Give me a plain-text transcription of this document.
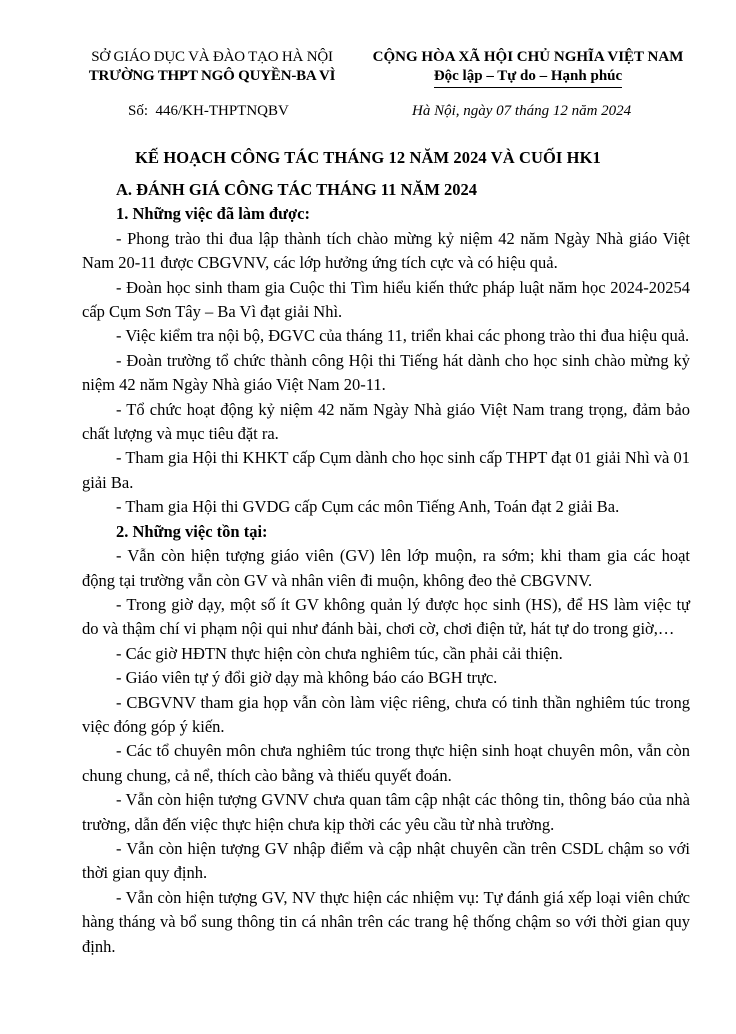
SỞ GIÁO DỤC VÀ ĐÀO TẠO HÀ NỘI
TRƯỜNG THPT NGÔ QUYỀN-BA VÌ
CỘNG HÒA XÃ HỘI CHỦ NGHĨA VIỆT NAM
Độc lập – Tự do – Hạnh phúc
Số:  446/KH-THPTNQBV	Hà Nội, ngày 07 tháng 12 năm 2024
KẾ HOẠCH CÔNG TÁC THÁNG 12 NĂM 2024 VÀ CUỐI HK1

A. ĐÁNH GIÁ CÔNG TÁC THÁNG 11 NĂM 2024

1. Những việc đã làm được:

- Phong trào thi đua lập thành tích chào mừng kỷ niệm 42 năm Ngày Nhà giáo Việt Nam 20-11 được CBGVNV, các lớp hưởng ứng tích cực và có hiệu quả.

- Đoàn học sinh tham gia Cuộc thi Tìm hiểu kiến thức pháp luật năm học 2024-20254 cấp Cụm Sơn Tây – Ba Vì đạt giải Nhì.

- Việc kiểm tra nội bộ, ĐGVC của tháng 11, triển khai các phong trào thi đua hiệu quả.

- Đoàn trường tổ chức thành công Hội thi Tiếng hát dành cho học sinh chào mừng kỷ niệm 42 năm Ngày Nhà giáo Việt Nam 20-11.

- Tổ chức hoạt động kỷ niệm 42 năm Ngày Nhà giáo Việt Nam trang trọng, đảm bảo chất lượng và mục tiêu đặt ra.

- Tham gia Hội thi KHKT cấp Cụm dành cho học sinh cấp THPT đạt 01 giải Nhì và 01 giải Ba.

- Tham gia Hội thi GVDG cấp Cụm các môn Tiếng Anh, Toán đạt 2 giải Ba.

2. Những việc tồn tại:

- Vẫn còn hiện tượng giáo viên (GV) lên lớp muộn, ra sớm; khi tham gia các hoạt động tại trường vẫn còn GV và nhân viên đi muộn, không đeo thẻ CBGVNV.

- Trong giờ dạy, một số ít GV không quản lý được học sinh (HS), để HS làm việc tự do và thậm chí vi phạm nội qui như đánh bài, chơi cờ, chơi điện tử, hát tự do trong giờ,…

- Các giờ HĐTN thực hiện còn chưa nghiêm túc, cần phải cải thiện.

- Giáo viên tự ý đổi giờ dạy mà không báo cáo BGH trực.

- CBGVNV tham gia họp vẫn còn làm việc riêng, chưa có tinh thần nghiêm túc trong việc đóng góp ý kiến.

- Các tổ chuyên môn chưa nghiêm túc trong thực hiện sinh hoạt chuyên môn, vẫn còn chung chung, cả nể, thích cào bằng và thiếu quyết đoán.

- Vẫn còn hiện tượng GVNV chưa quan tâm cập nhật các thông tin, thông báo của nhà trường, dẫn đến việc thực hiện chưa kịp thời các yêu cầu từ nhà trường.

- Vẫn còn hiện tượng GV nhập điểm và cập nhật chuyên cần trên CSDL chậm so với thời gian quy định.

- Vẫn còn hiện tượng GV, NV thực hiện các nhiệm vụ: Tự đánh giá xếp loại viên chức hàng tháng và bổ sung thông tin cá nhân trên các trang hệ thống chậm so với thời gian quy định.
